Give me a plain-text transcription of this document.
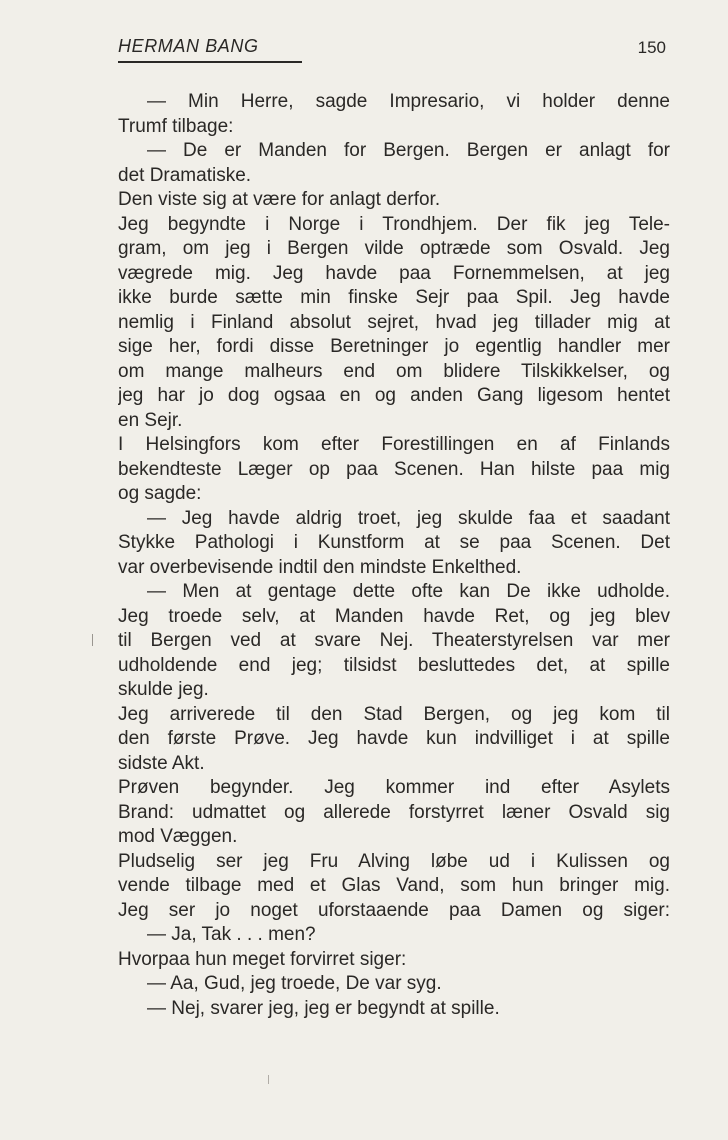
HERMAN BANG	150
— Min Herre, sagde Impresario, vi holder denne
Trumf tilbage:
— De er Manden for Bergen. Bergen er anlagt for
det Dramatiske.
Den viste sig at være for anlagt derfor.
Jeg begyndte i Norge i Trondhjem. Der fik jeg Tele-
gram, om jeg i Bergen vilde optræde som Osvald. Jeg
vægrede mig. Jeg havde paa Fornemmelsen, at jeg
ikke burde sætte min finske Sejr paa Spil. Jeg havde
nemlig i Finland absolut sejret, hvad jeg tillader mig at
sige her, fordi disse Beretninger jo egentlig handler mer
om mange malheurs end om blidere Tilskikkelser, og
jeg har jo dog ogsaa en og anden Gang ligesom hentet
en Sejr.
I Helsingfors kom efter Forestillingen en af Finlands
bekendteste Læger op paa Scenen. Han hilste paa mig
og sagde:
— Jeg havde aldrig troet, jeg skulde faa et saadant
Stykke Pathologi i Kunstform at se paa Scenen. Det
var overbevisende indtil den mindste Enkelthed.
— Men at gentage dette ofte kan De ikke udholde.
Jeg troede selv, at Manden havde Ret, og jeg blev
til Bergen ved at svare Nej. Theaterstyrelsen var mer
udholdende end jeg; tilsidst besluttedes det, at spille
skulde jeg.
Jeg arriverede til den Stad Bergen, og jeg kom til
den første Prøve. Jeg havde kun indvilliget i at spille
sidste Akt.
Prøven begynder. Jeg kommer ind efter Asylets
Brand: udmattet og allerede forstyrret læner Osvald sig
mod Væggen.
Pludselig ser jeg Fru Alving løbe ud i Kulissen og
vende tilbage med et Glas Vand, som hun bringer mig.
Jeg ser jo noget uforstaaende paa Damen og siger:
— Ja, Tak . . . men?
Hvorpaa hun meget forvirret siger:
— Aa, Gud, jeg troede, De var syg.
— Nej, svarer jeg, jeg er begyndt at spille.
